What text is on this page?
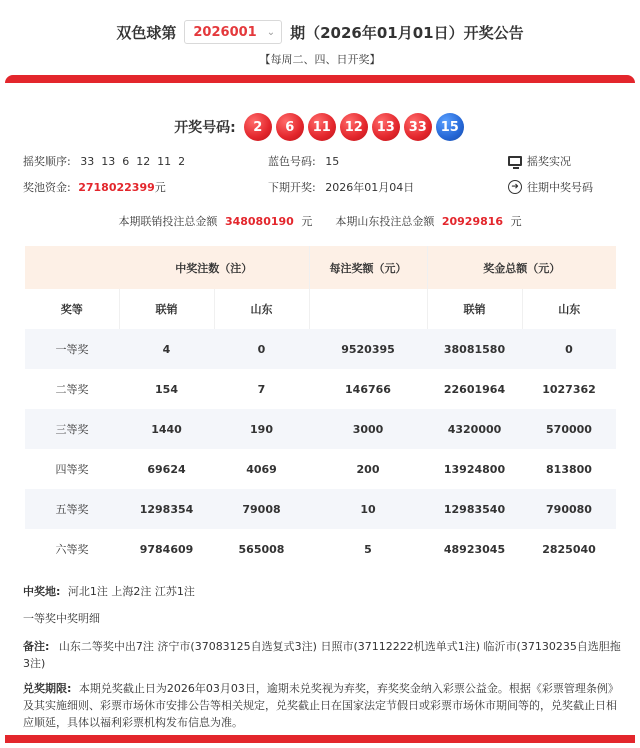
双色球第 2026001 ⌄ 期（2026年01月01日）开奖公告
【每周二、四、日开奖】
开奖号码:	2	6	11	12	13	33	15
摇奖顺序: 33  13  6  12  11  2	蓝色号码: 15	摇奖实况
奖池资金: 2718022399元	下期开奖: 2026年01月04日	➜ 往期中奖号码
本期联销投注总金额 348080190 元 本期山东投注总金额 20929816 元
	中奖注数（注）		每注奖额（元）	奖金总额（元）	
奖等	联销	山东		联销	山东
一等奖	4	0	9520395	38081580	0
二等奖	154	7	146766	22601964	1027362
三等奖	1440	190	3000	4320000	570000
四等奖	69624	4069	200	13924800	813800
五等奖	1298354	79008	10	12983540	790080
六等奖	9784609	565008	5	48923045	2825040
中奖地: 河北1注 上海2注 江苏1注
一等奖中奖明细
备注: 山东二等奖中出7注 济宁市(37083125自选复式3注) 日照市(37112222机选单式1注) 临沂市(37130235自选胆拖3注)
兑奖期限: 本期兑奖截止日为2026年03月03日，逾期未兑奖视为弃奖，弃奖奖金纳入彩票公益金。根据《彩票管理条例》及其实施细则、彩票市场休市安排公告等相关规定，兑奖截止日在国家法定节假日或彩票市场休市期间等的，兑奖截止日相应顺延，具体以福利彩票机构发布信息为准。
